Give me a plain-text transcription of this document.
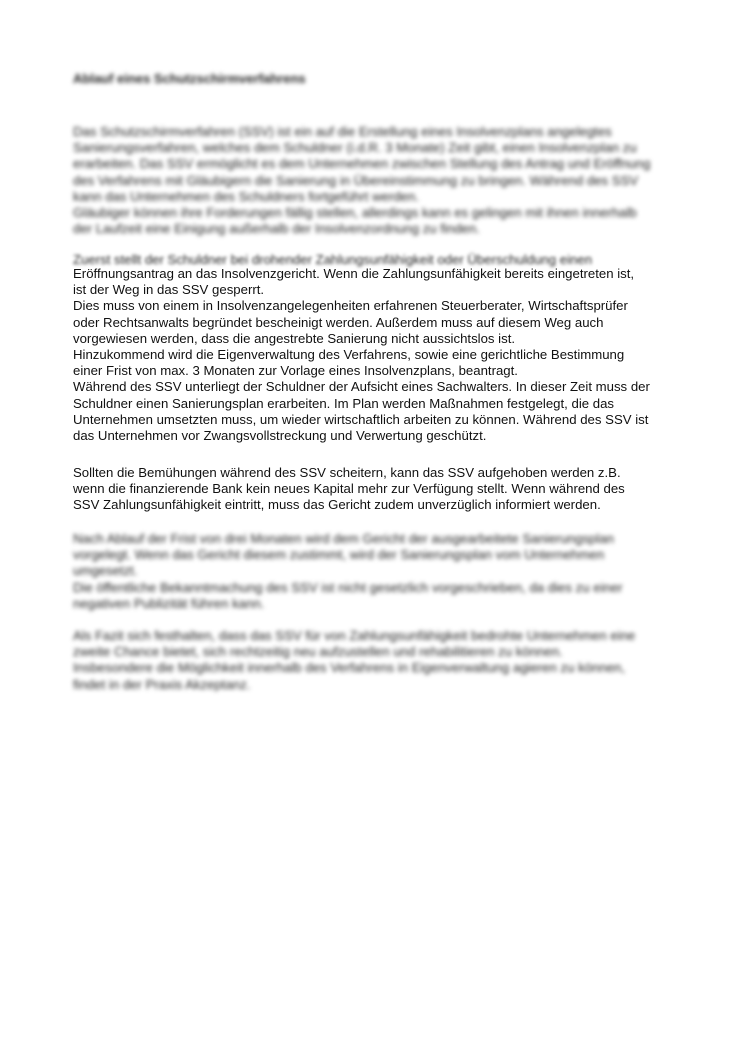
Ablauf eines Schutzschirmverfahrens

Das Schutzschirmverfahren (SSV) ist ein auf die Erstellung eines Insolvenzplans angelegtes
Sanierungsverfahren, welches dem Schuldner (i.d.R. 3 Monate) Zeit gibt, einen Insolvenzplan zu
erarbeiten. Das SSV ermöglicht es dem Unternehmen zwischen Stellung des Antrag und Eröffnung
des Verfahrens mit Gläubigern die Sanierung in Übereinstimmung zu bringen. Während des SSV
kann das Unternehmen des Schuldners fortgeführt werden.
Gläubiger können ihre Forderungen fällig stellen, allerdings kann es gelingen mit ihnen innerhalb
der Laufzeit eine Einigung außerhalb der Insolvenzordnung zu finden.

Zuerst stellt der Schuldner bei drohender Zahlungsunfähigkeit oder Überschuldung einen

Eröffnungsantrag an das Insolvenzgericht. Wenn die Zahlungsunfähigkeit bereits eingetreten ist,
ist der Weg in das SSV gesperrt.
Dies muss von einem in Insolvenzangelegenheiten erfahrenen Steuerberater, Wirtschaftsprüfer
oder Rechtsanwalts begründet bescheinigt werden. Außerdem muss auf diesem Weg auch
vorgewiesen werden, dass die angestrebte Sanierung nicht aussichtslos ist.
Hinzukommend wird die Eigenverwaltung des Verfahrens, sowie eine gerichtliche Bestimmung
einer Frist von max. 3 Monaten zur Vorlage eines Insolvenzplans, beantragt.
Während des SSV unterliegt der Schuldner der Aufsicht eines Sachwalters. In dieser Zeit muss der
Schuldner einen Sanierungsplan erarbeiten. Im Plan werden Maßnahmen festgelegt, die das
Unternehmen umsetzten muss, um wieder wirtschaftlich arbeiten zu können. Während des SSV ist
das Unternehmen vor Zwangsvollstreckung und Verwertung geschützt.

Sollten die Bemühungen während des SSV scheitern, kann das SSV aufgehoben werden z.B.
wenn die finanzierende Bank kein neues Kapital mehr zur Verfügung stellt. Wenn während des
SSV Zahlungsunfähigkeit eintritt, muss das Gericht zudem unverzüglich informiert werden.

Nach Ablauf der Frist von drei Monaten wird dem Gericht der ausgearbeitete Sanierungsplan
vorgelegt. Wenn das Gericht diesem zustimmt, wird der Sanierungsplan vom Unternehmen
umgesetzt.
Die öffentliche Bekanntmachung des SSV ist nicht gesetzlich vorgeschrieben, da dies zu einer
negativen Publizität führen kann.

Als Fazit sich festhalten, dass das SSV für von Zahlungsunfähigkeit bedrohte Unternehmen eine
zweite Chance bietet, sich rechtzeitig neu aufzustellen und rehabilitieren zu können.
Insbesondere die Möglichkeit innerhalb des Verfahrens in Eigenverwaltung agieren zu können,
findet in der Praxis Akzeptanz.
